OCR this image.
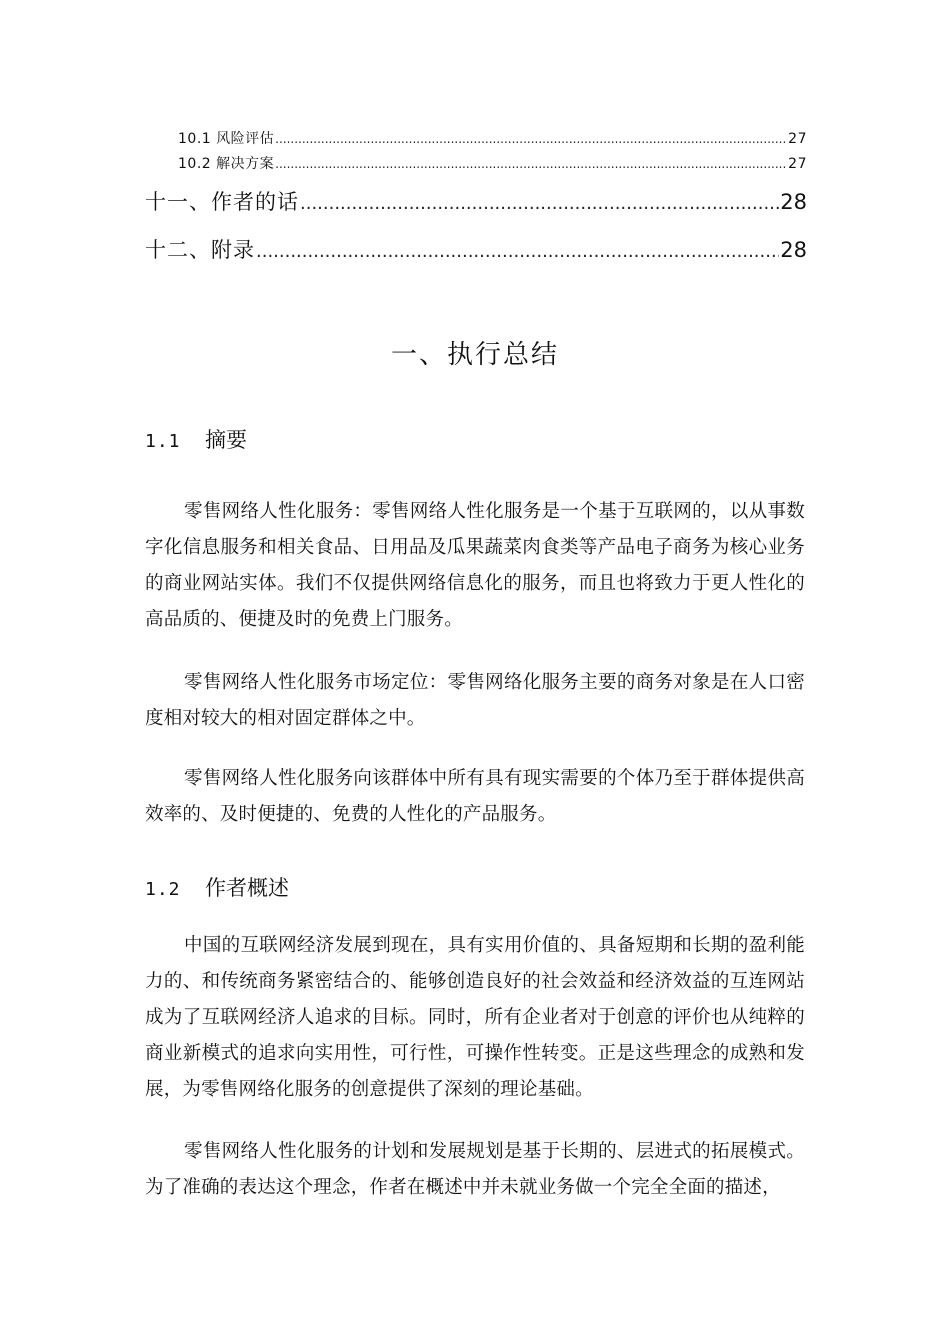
10.1 风险评估 .....	27
10.2 解决方案 .....	27
十一、作者的话 .....	28
十二、附录 .....	28
一、执行总结
1.1 摘要

零售网络人性化服务：零售网络人性化服务是一个基于互联网的，以从事数字化信息服务和相关食品、日用品及瓜果蔬菜肉食类等产品电子商务为核心业务的商业网站实体。我们不仅提供网络信息化的服务，而且也将致力于更人性化的高品质的、便捷及时的免费上门服务。

零售网络人性化服务市场定位：零售网络化服务主要的商务对象是在人口密度相对较大的相对固定群体之中。

零售网络人性化服务向该群体中所有具有现实需要的个体乃至于群体提供高效率的、及时便捷的、免费的人性化的产品服务。

1.2 作者概述

中国的互联网经济发展到现在，具有实用价值的、具备短期和长期的盈利能力的、和传统商务紧密结合的、能够创造良好的社会效益和经济效益的互连网站成为了互联网经济人追求的目标。同时，所有企业者对于创意的评价也从纯粹的商业新模式的追求向实用性，可行性，可操作性转变。正是这些理念的成熟和发展，为零售网络化服务的创意提供了深刻的理论基础。

零售网络人性化服务的计划和发展规划是基于长期的、层进式的拓展模式。为了准确的表达这个理念，作者在概述中并未就业务做一个完全全面的描述，
